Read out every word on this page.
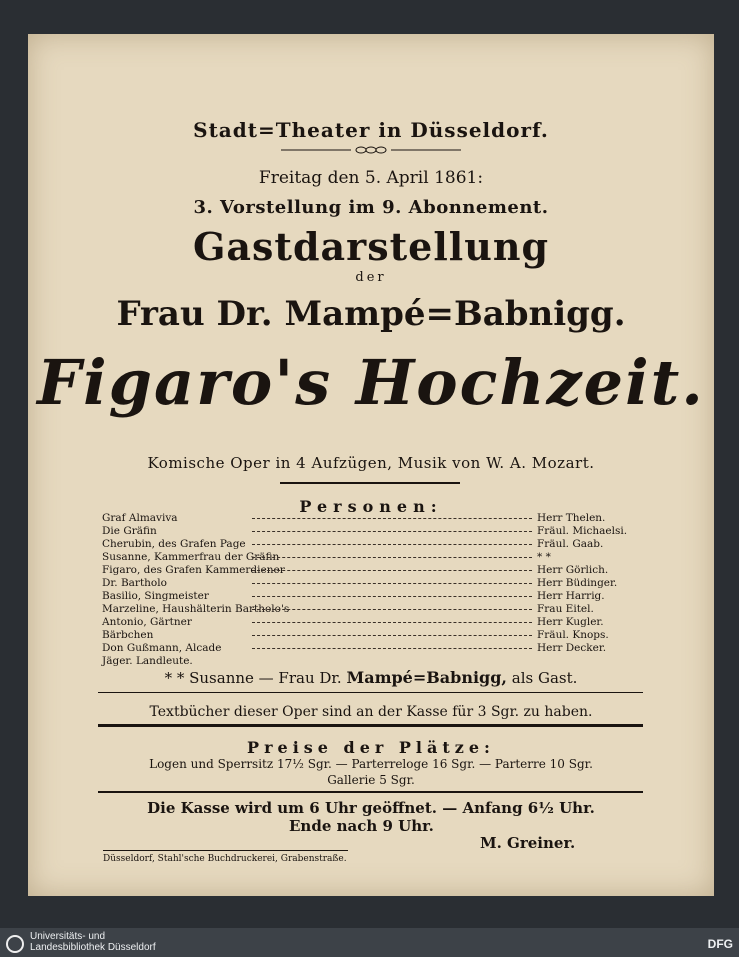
Stadt=Theater in Düsseldorf.
Freitag den 5. April 1861:
3. Vorstellung im 9. Abonnement.
Gastdarstellung
der
Frau Dr. Mampé=Babnigg.
Figaro's Hochzeit.
Komische Oper in 4 Aufzügen, Musik von W. A. Mozart.
Personen:
Graf Almaviva	Herr Thelen.
Die Gräfin	Fräul. Michaelsi.
Cherubin, des Grafen Page	Fräul. Gaab.
Susanne, Kammerfrau der Gräfin	* *
Figaro, des Grafen Kammerdiener	Herr Görlich.
Dr. Bartholo	Herr Büdinger.
Basilio, Singmeister	Herr Harrig.
Marzeline, Haushälterin Bartholo's	Frau Eitel.
Antonio, Gärtner	Herr Kugler.
Bärbchen	Fräul. Knops.
Don Gußmann, Alcade	Herr Decker.
Jäger. Landleute.
* * Susanne — Frau Dr. Mampé=Babnigg, als Gast.
Textbücher dieser Oper sind an der Kasse für 3 Sgr. zu haben.
Preise der Plätze:
Logen und Sperrsitz 17½ Sgr. — Parterreloge 16 Sgr. — Parterre 10 Sgr.
Gallerie 5 Sgr.
Die Kasse wird um 6 Uhr geöffnet. — Anfang 6½ Uhr.
Ende nach 9 Uhr.
M. Greiner.
Düsseldorf, Stahl'sche Buchdruckerei, Grabenstraße.
Universitäts- und
Landesbibliothek Düsseldorf	DFG
